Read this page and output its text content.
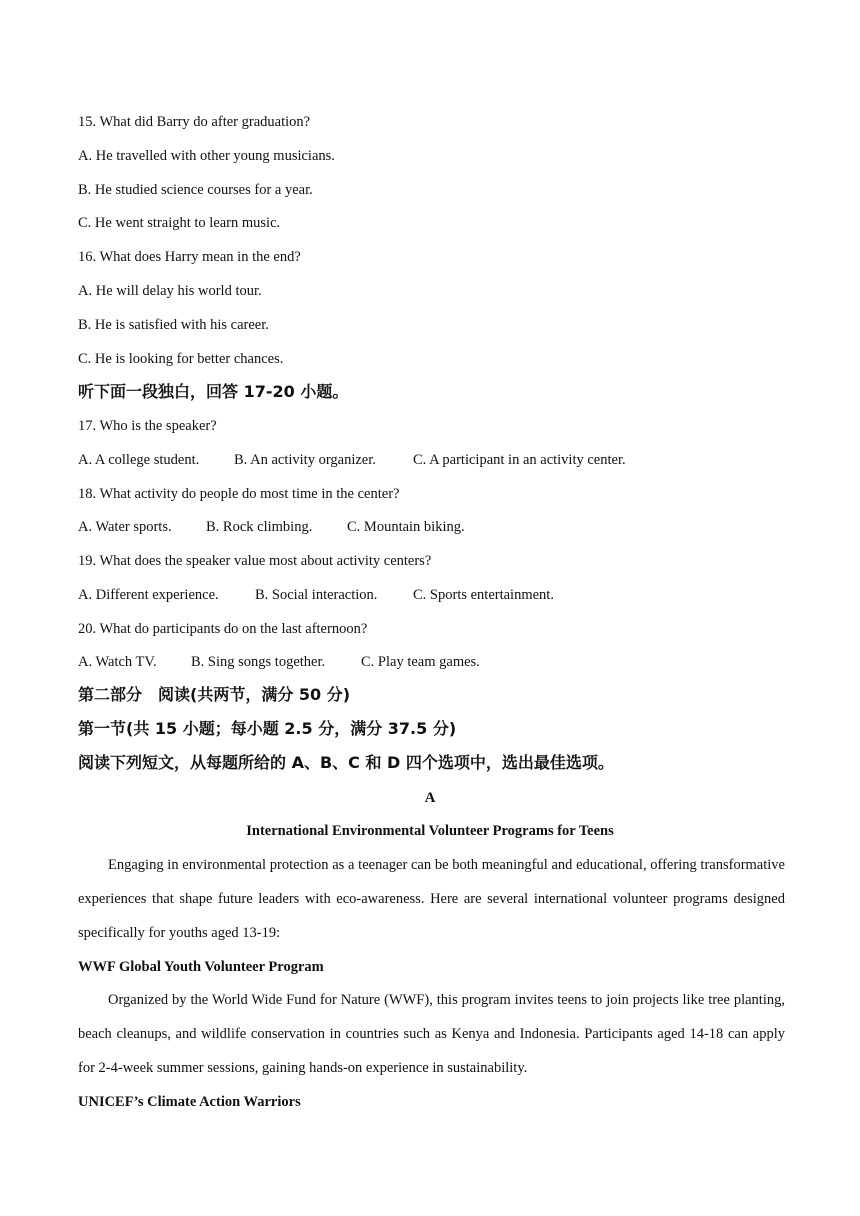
15. What did Barry do after graduation?
A. He travelled with other young musicians.
B. He studied science courses for a year.
C. He went straight to learn music.
16. What does Harry mean in the end?
A. He will delay his world tour.
B. He is satisfied with his career.
C. He is looking for better chances.
听下面一段独白，回答 17-20 小题。
17. Who is the speaker?
A. A college student. B. An activity organizer.	C. A participant in an activity center.
18. What activity do people do most time in the center?
A. Water sports. B. Rock climbing. C. Mountain biking.
19. What does the speaker value most about activity centers?
A. Different experience.	B. Social interaction. C. Sports entertainment.
20. What do participants do on the last afternoon?
A. Watch TV. B. Sing songs together. C. Play team games.
第二部分　阅读(共两节，满分 50 分)
第一节(共 15 小题；每小题 2.5 分，满分 37.5 分)
阅读下列短文，从每题所给的 A、B、C 和 D 四个选项中，选出最佳选项。
A
International Environmental Volunteer Programs for Teens

Engaging in environmental protection as a teenager can be both meaningful and educational, offering transformative experiences that shape future leaders with eco-awareness. Here are several international volunteer programs designed specifically for youths aged 13-19:

WWF Global Youth Volunteer Program

Organized by the World Wide Fund for Nature (WWF), this program invites teens to join projects like tree planting, beach cleanups, and wildlife conservation in countries such as Kenya and Indonesia. Participants aged 14-18 can apply for 2-4-week summer sessions, gaining hands-on experience in sustainability.

UNICEF’s Climate Action Warriors
